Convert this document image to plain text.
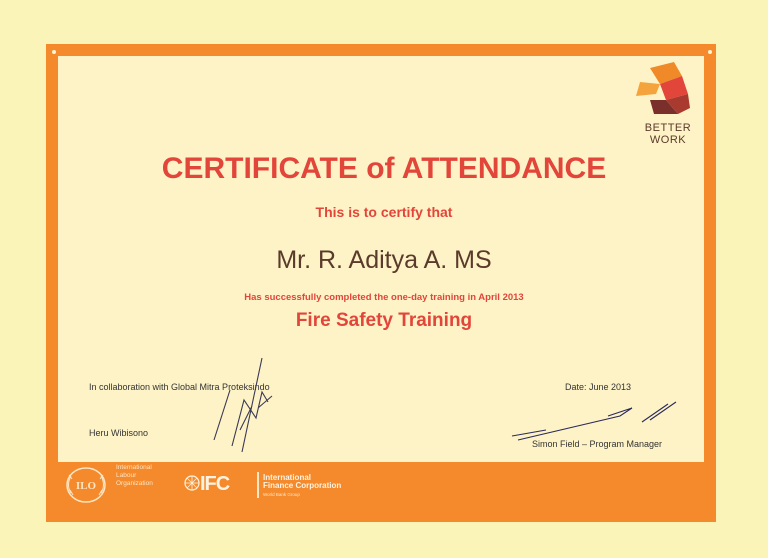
BETTER WORK
CERTIFICATE of ATTENDANCE
This is to certify that
Mr. R. Aditya A. MS
Has successfully completed the one-day training in April 2013
Fire Safety Training
In collaboration with Global Mitra Proteksindo	Date: June 2013
Heru Wibisono
Simon Field – Program Manager
ILO
International
Labour
Organization IFC	International
Finance Corporation
World Bank Group
